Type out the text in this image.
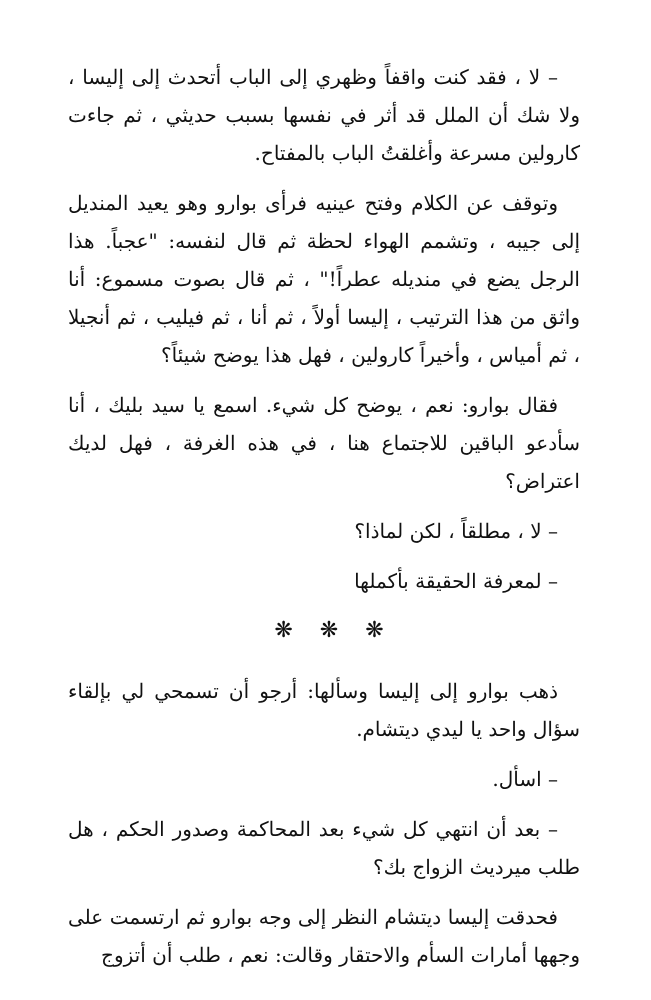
– لا ، فقد كنت واقفاً وظهري إلى الباب أتحدث إلى إليسا ، ولا شك أن الملل قد أثر في نفسها بسبب حديثي ، ثم جاءت كارولين مسرعة وأغلقتُ الباب بالمفتاح.

وتوقف عن الكلام وفتح عينيه فرأى بوارو وهو يعيد المنديل إلى جيبه ، وتشمم الهواء لحظة ثم قال لنفسه: "عجباً. هذا الرجل يضع في منديله عطراً!" ، ثم قال بصوت مسموع: أنا واثق من هذا الترتيب ، إليسا أولاً ، ثم أنا ، ثم فيليب ، ثم أنجيلا ، ثم أمياس ، وأخيراً كارولين ، فهل هذا يوضح شيئاً؟

فقال بوارو: نعم ، يوضح كل شيء. اسمع يا سيد بليك ، أنا سأدعو الباقين للاجتماع هنا ، في هذه الغرفة ، فهل لديك اعتراض؟

– لا ، مطلقاً ، لكن لماذا؟

– لمعرفة الحقيقة بأكملها

❋ ❋ ❋

ذهب بوارو إلى إليسا وسألها: أرجو أن تسمحي لي بإلقاء سؤال واحد يا ليدي ديتشام.

– اسأل.

– بعد أن انتهي كل شيء بعد المحاكمة وصدور الحكم ، هل طلب ميرديث الزواج بك؟

فحدقت إليسا ديتشام النظر إلى وجه بوارو ثم ارتسمت على وجهها أمارات السأم والاحتقار وقالت: نعم ، طلب أن أتزوج
